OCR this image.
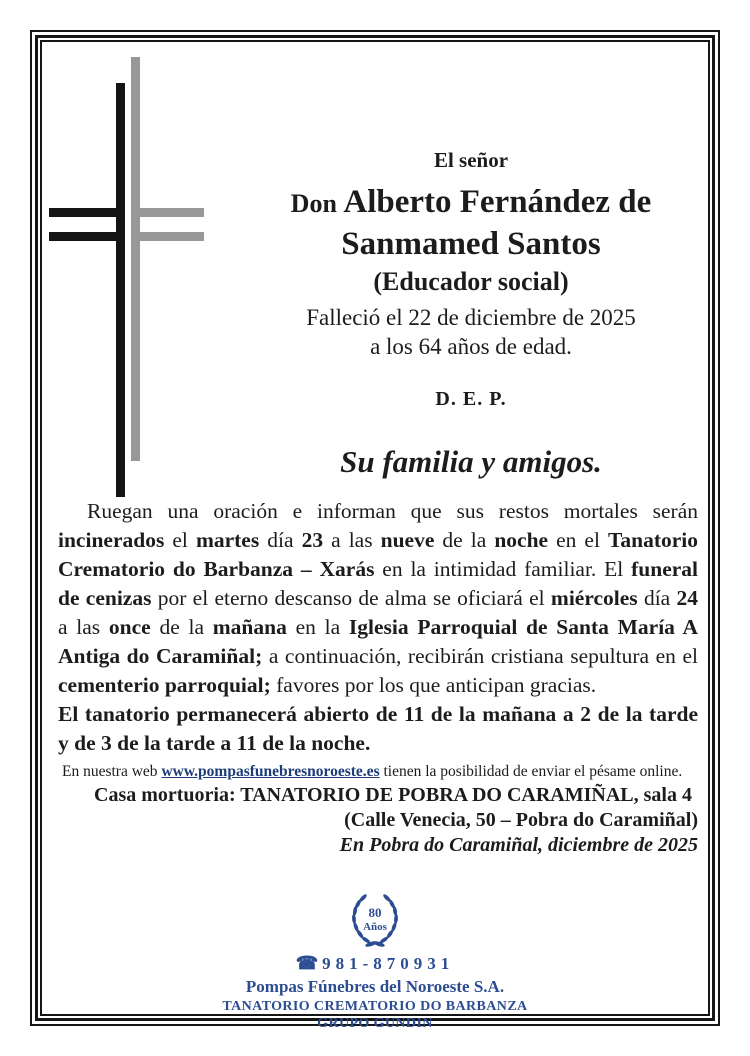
El señor
Don Alberto Fernández de
Sanmamed Santos
(Educador social)
Falleció el 22 de diciembre de 2025
a los 64 años de edad.
D. E. P.
Su familia y amigos.

Ruegan una oración e informan que sus restos mortales serán incinerados el martes día 23 a las nueve de la noche en el Tanatorio Crematorio do Barbanza – Xarás en la intimidad familiar. El funeral de cenizas por el eterno descanso de alma se oficiará el miércoles día 24 a las once de la mañana en la Iglesia Parroquial de Santa María A Antiga do Caramiñal; a continuación, recibirán cristiana sepultura en el cementerio parroquial; favores por los que anticipan gracias.

El tanatorio permanecerá abierto de 11 de la mañana a 2 de la tarde y de 3 de la tarde a 11 de la noche.

En nuestra web www.pompasfunebresnoroeste.es tienen la posibilidad de enviar el pésame online.

Casa mortuoria: TANATORIO DE POBRA DO CARAMIÑAL, sala 4

(Calle Venecia, 50 – Pobra do Caramiñal)

En Pobra do Caramiñal, diciembre de 2025

80
Años
☎ 981-870931
Pompas Fúnebres del Noroeste S.A.
TANATORIO CREMATORIO DO BARBANZA
GRUPO GUNDIN
